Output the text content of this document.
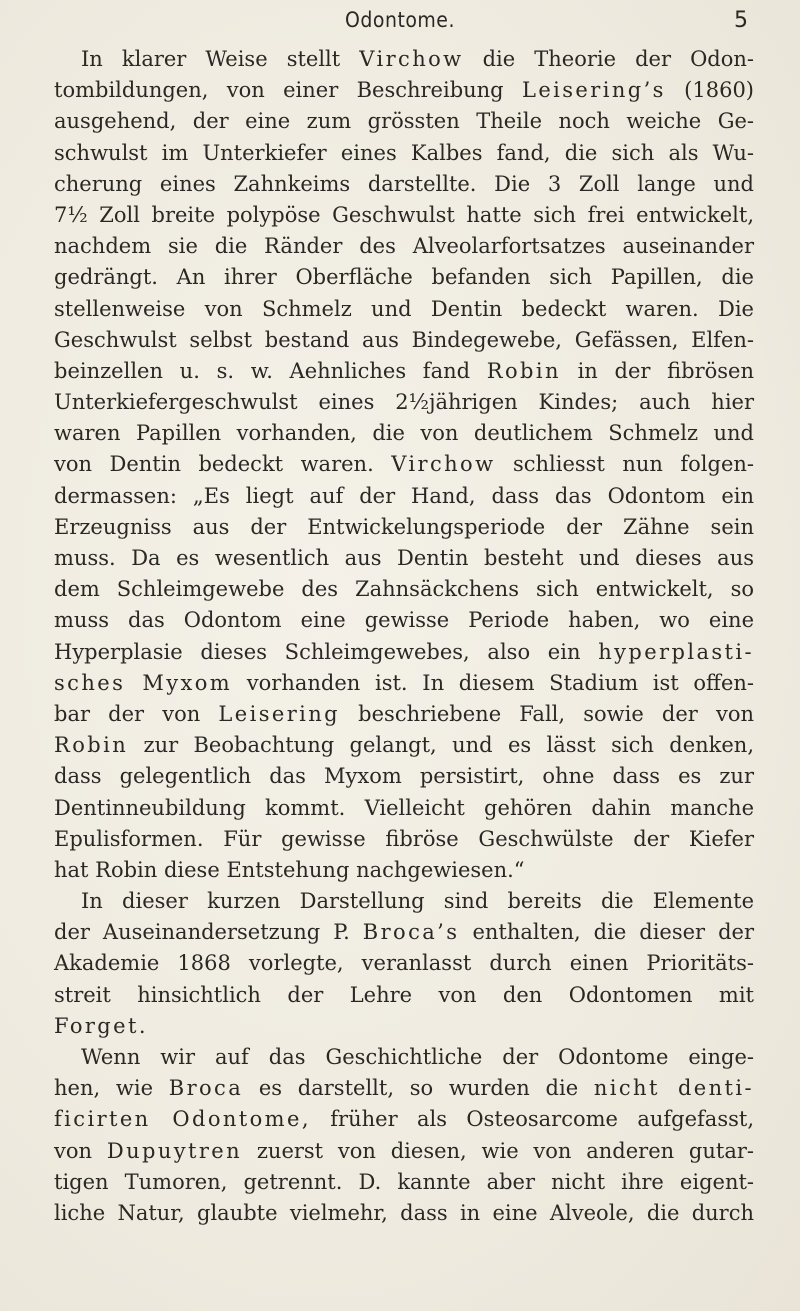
Odontome.	5
In klarer Weise stellt Virchow die Theorie der Odon-
tombildungen, von einer Beschreibung Leisering’s (1860)
ausgehend, der eine zum grössten Theile noch weiche Ge-
schwulst im Unterkiefer eines Kalbes fand, die sich als Wu-
cherung eines Zahnkeims darstellte. Die 3 Zoll lange und
7½ Zoll breite polypöse Geschwulst hatte sich frei entwickelt,
nachdem sie die Ränder des Alveolarfortsatzes auseinander
gedrängt. An ihrer Oberfläche befanden sich Papillen, die
stellenweise von Schmelz und Dentin bedeckt waren. Die
Geschwulst selbst bestand aus Bindegewebe, Gefässen, Elfen-
beinzellen u. s. w. Aehnliches fand Robin in der fibrösen
Unterkiefergeschwulst eines 2½jährigen Kindes; auch hier
waren Papillen vorhanden, die von deutlichem Schmelz und
von Dentin bedeckt waren. Virchow schliesst nun folgen-
dermassen: „Es liegt auf der Hand, dass das Odontom ein
Erzeugniss aus der Entwickelungsperiode der Zähne sein
muss. Da es wesentlich aus Dentin besteht und dieses aus
dem Schleimgewebe des Zahnsäckchens sich entwickelt, so
muss das Odontom eine gewisse Periode haben, wo eine
Hyperplasie dieses Schleimgewebes, also ein hyperplasti-
sches Myxom vorhanden ist. In diesem Stadium ist offen-
bar der von Leisering beschriebene Fall, sowie der von
Robin zur Beobachtung gelangt, und es lässt sich denken,
dass gelegentlich das Myxom persistirt, ohne dass es zur
Dentinneubildung kommt. Vielleicht gehören dahin manche
Epulisformen. Für gewisse fibröse Geschwülste der Kiefer
hat Robin diese Entstehung nachgewiesen.“
In dieser kurzen Darstellung sind bereits die Elemente
der Auseinandersetzung P. Broca’s enthalten, die dieser der
Akademie 1868 vorlegte, veranlasst durch einen Prioritäts-
streit hinsichtlich der Lehre von den Odontomen mit
Forget.
Wenn wir auf das Geschichtliche der Odontome einge-
hen, wie Broca es darstellt, so wurden die nicht denti-
ficirten Odontome, früher als Osteosarcome aufgefasst,
von Dupuytren zuerst von diesen, wie von anderen gutar-
tigen Tumoren, getrennt. D. kannte aber nicht ihre eigent-
liche Natur, glaubte vielmehr, dass in eine Alveole, die durch
